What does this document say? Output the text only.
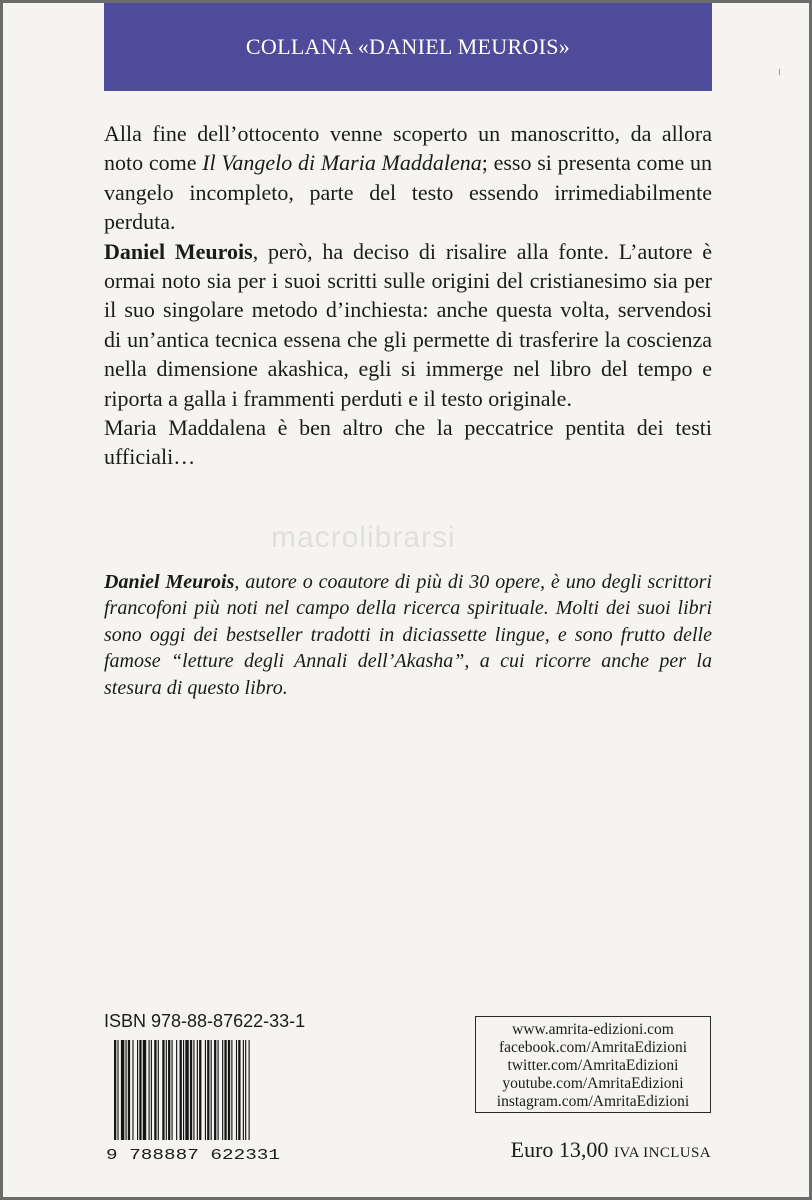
COLLANA «DANIEL MEUROIS»

Alla fine dell’ottocento venne scoperto un manoscritto, da allora noto come Il Vangelo di Maria Maddalena; esso si presenta come un vangelo incompleto, parte del testo essendo irrimediabilmente perduta.

Daniel Meurois, però, ha deciso di risalire alla fonte. L’autore è ormai noto sia per i suoi scritti sulle origini del cristianesimo sia per il suo singolare metodo d’inchiesta: anche questa volta, servendosi di un’antica tecnica essena che gli permette di trasferire la coscienza nella dimensione akashica, egli si immerge nel libro del tempo e riporta a galla i frammenti perduti e il testo originale.

Maria Maddalena è ben altro che la peccatrice pentita dei testi ufficiali…

macrolibrarsi

Daniel Meurois, autore o coautore di più di 30 opere, è uno degli scrittori francofoni più noti nel campo della ricerca spirituale. Molti dei suoi libri sono oggi dei bestseller tradotti in diciassette lingue, e sono frutto delle famose “letture degli Annali dell’Akasha”, a cui ricorre anche per la stesura di questo libro.

ISBN 978-88-87622-33-1
9 788887 622331
www.amrita-edizioni.com
facebook.com/AmritaEdizioni
twitter.com/AmritaEdizioni
youtube.com/AmritaEdizioni
instagram.com/AmritaEdizioni
Euro 13,00 IVA INCLUSA
